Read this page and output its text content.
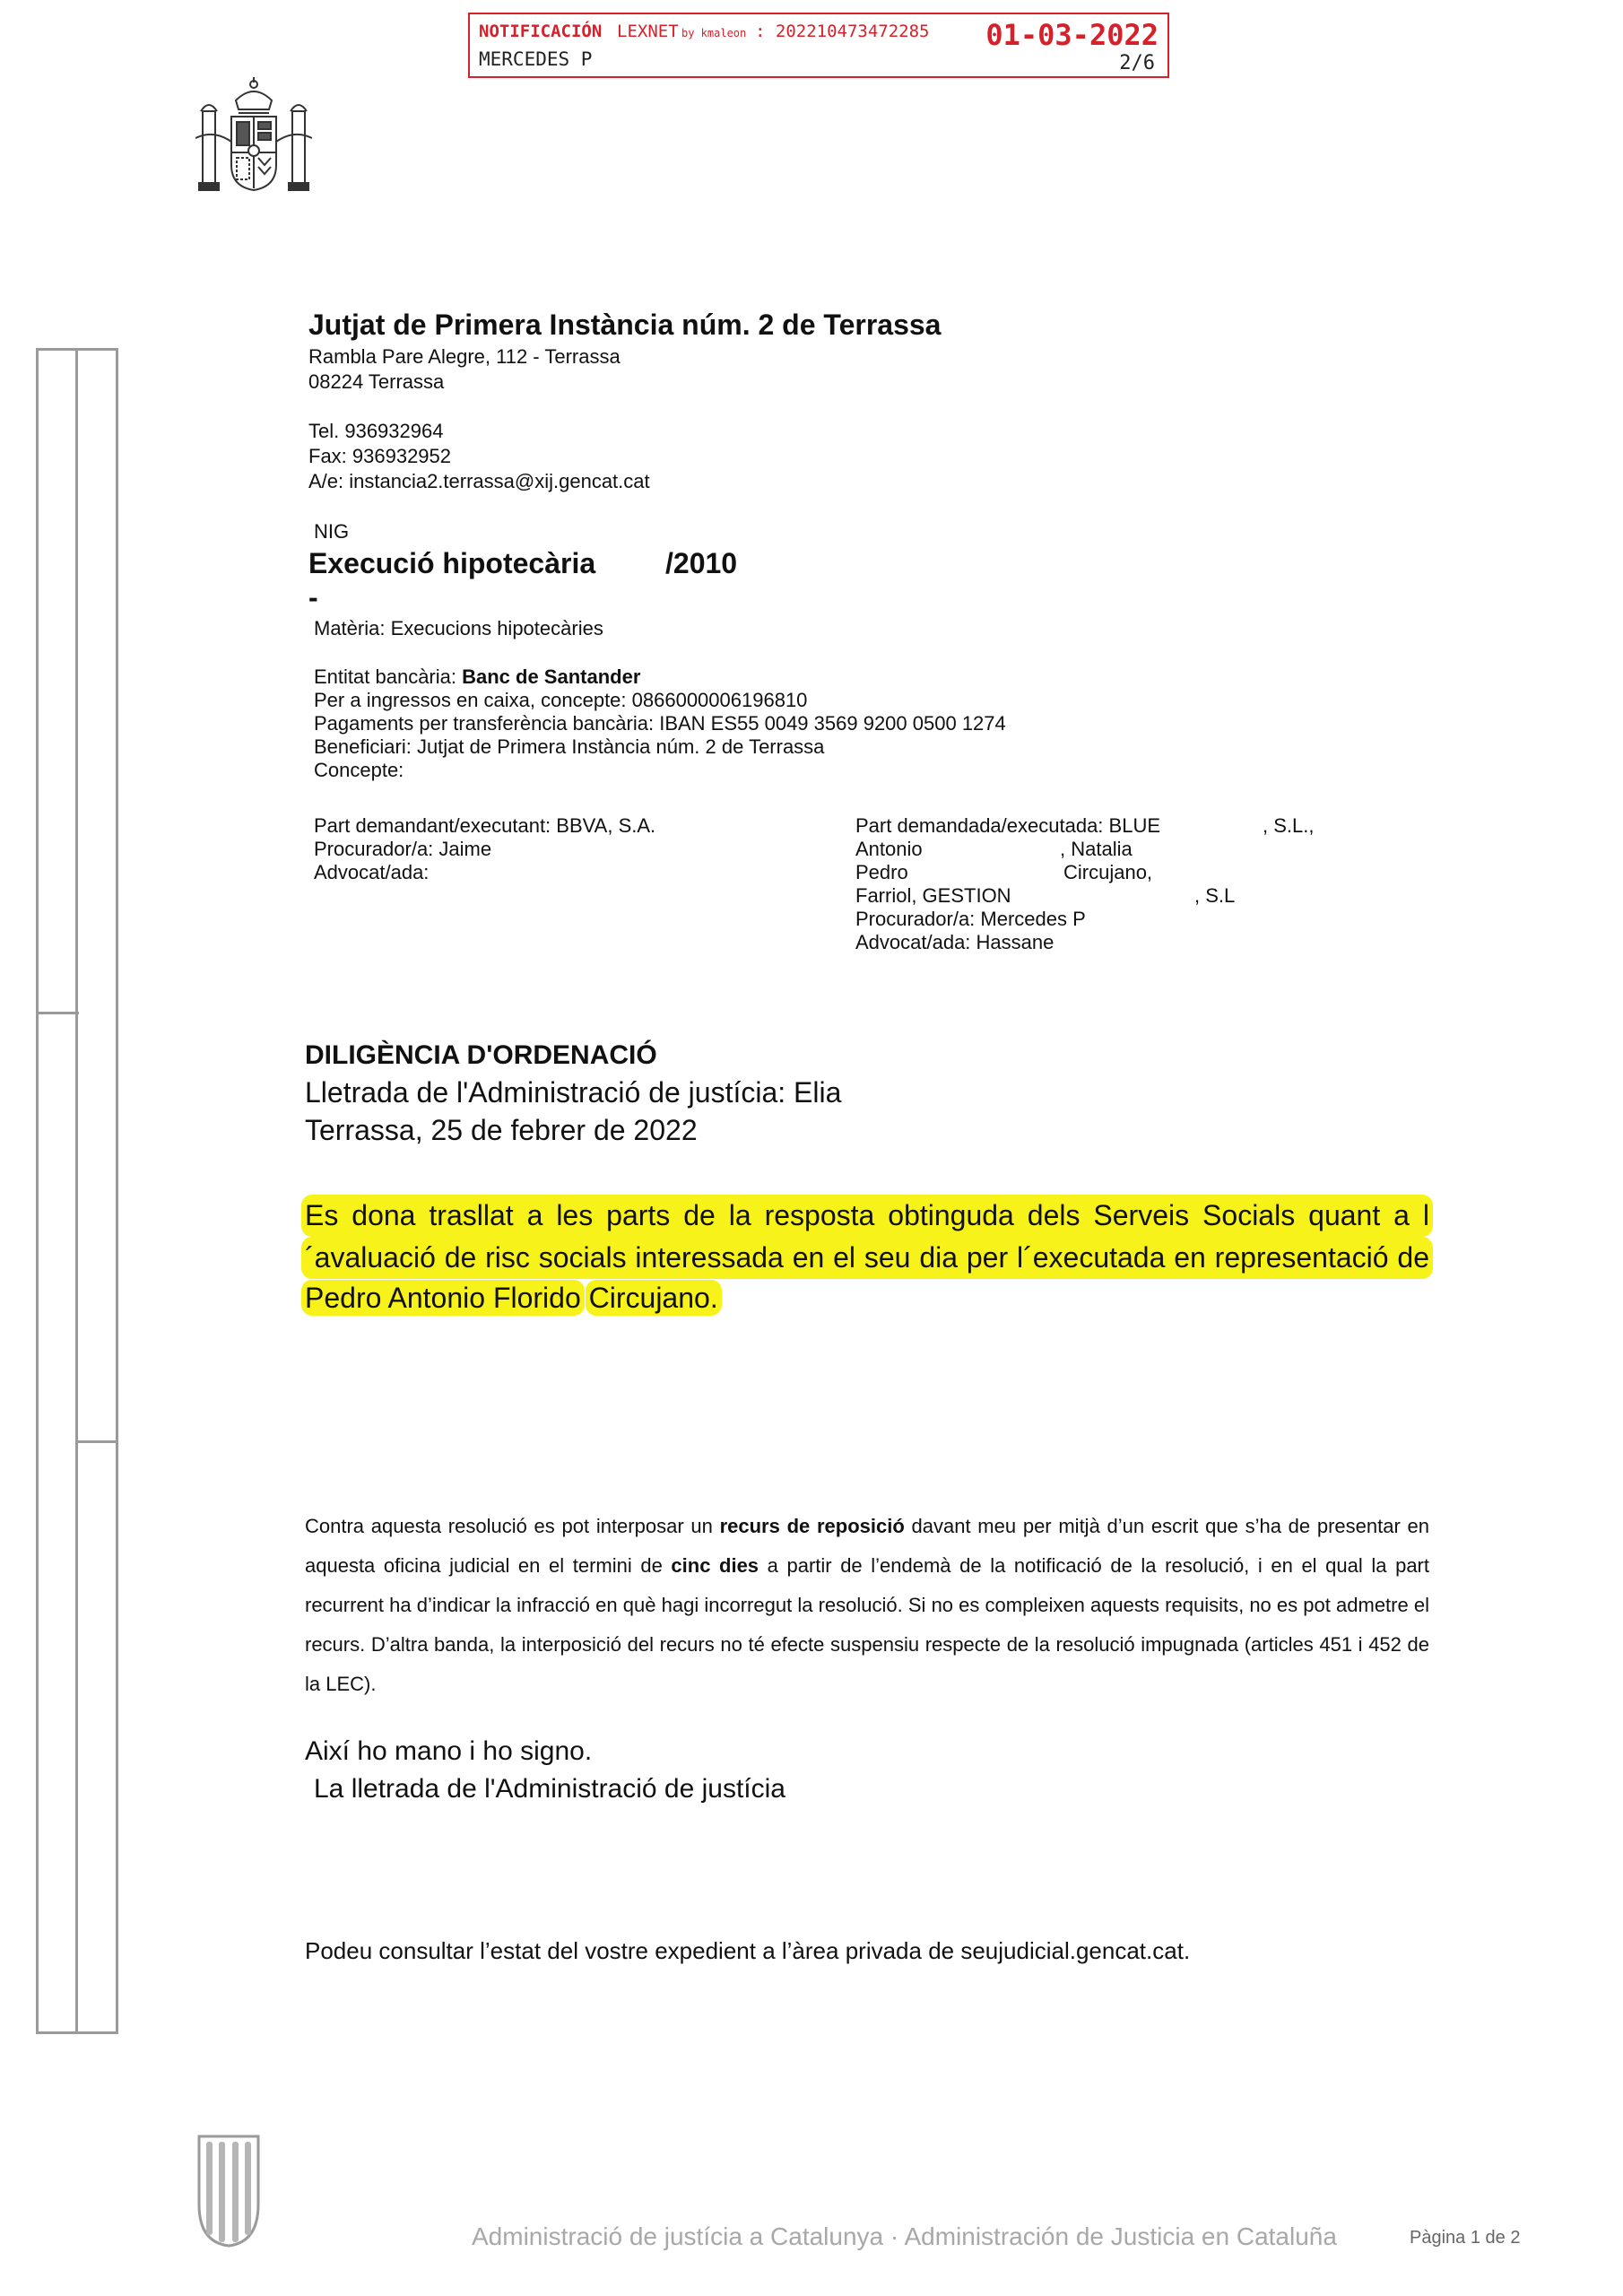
NOTIFICACIÓN LEXNET by kmaleon : 202210473472285 01-03-2022
MERCEDES P	2/6
Jutjat de Primera Instància núm. 2 de Terrassa
Rambla Pare Alegre, 112 - Terrassa
08224 Terrassa
Tel. 936932964
Fax: 936932952
A/e: instancia2.terrassa@xij.gencat.cat
NIG
Execució hipotecària /2010
-
Matèria: Execucions hipotecàries
Entitat bancària: Banc de Santander
Per a ingressos en caixa, concepte: 0866000006196810
Pagaments per transferència bancària: IBAN ES55 0049 3569 9200 0500 1274
Beneficiari: Jutjat de Primera Instància núm. 2 de Terrassa
Concepte:
Part demandant/executant: BBVA, S.A.
Procurador/a: Jaime
Advocat/ada:
Part demandada/executada: BLUE	, S.L.,
Antonio	, Natalia
Pedro	Circujano,
Farriol, GESTION	, S.L
Procurador/a: Mercedes P
Advocat/ada: Hassane
DILIGÈNCIA D'ORDENACIÓ
Lletrada de l'Administració de justícia: Elia
Terrassa, 25 de febrer de 2022
Es dona trasllat a les parts de la resposta obtinguda dels Serveis Socials quant a l
´avaluació de risc socials interessada en el seu dia per l´executada en representació de
Pedro Antonio Florido Circujano.

Contra aquesta resolució es pot interposar un recurs de reposició davant meu per mitjà d’un escrit que s’ha de presentar en aquesta oficina judicial en el termini de cinc dies a partir de l’endemà de la notificació de la resolució, i en el qual la part recurrent ha d’indicar la infracció en què hagi incorregut la resolució. Si no es compleixen aquests requisits, no es pot admetre el recurs. D’altra banda, la interposició del recurs no té efecte suspensiu respecte de la resolució impugnada (articles 451 i 452 de la LEC).

Així ho mano i ho signo.
La lletrada de l'Administració de justícia
Podeu consultar l’estat del vostre expedient a l’àrea privada de seujudicial.gencat.cat.
Administració de justícia a Catalunya · Administración de Justicia en Cataluña	Pàgina 1 de 2
